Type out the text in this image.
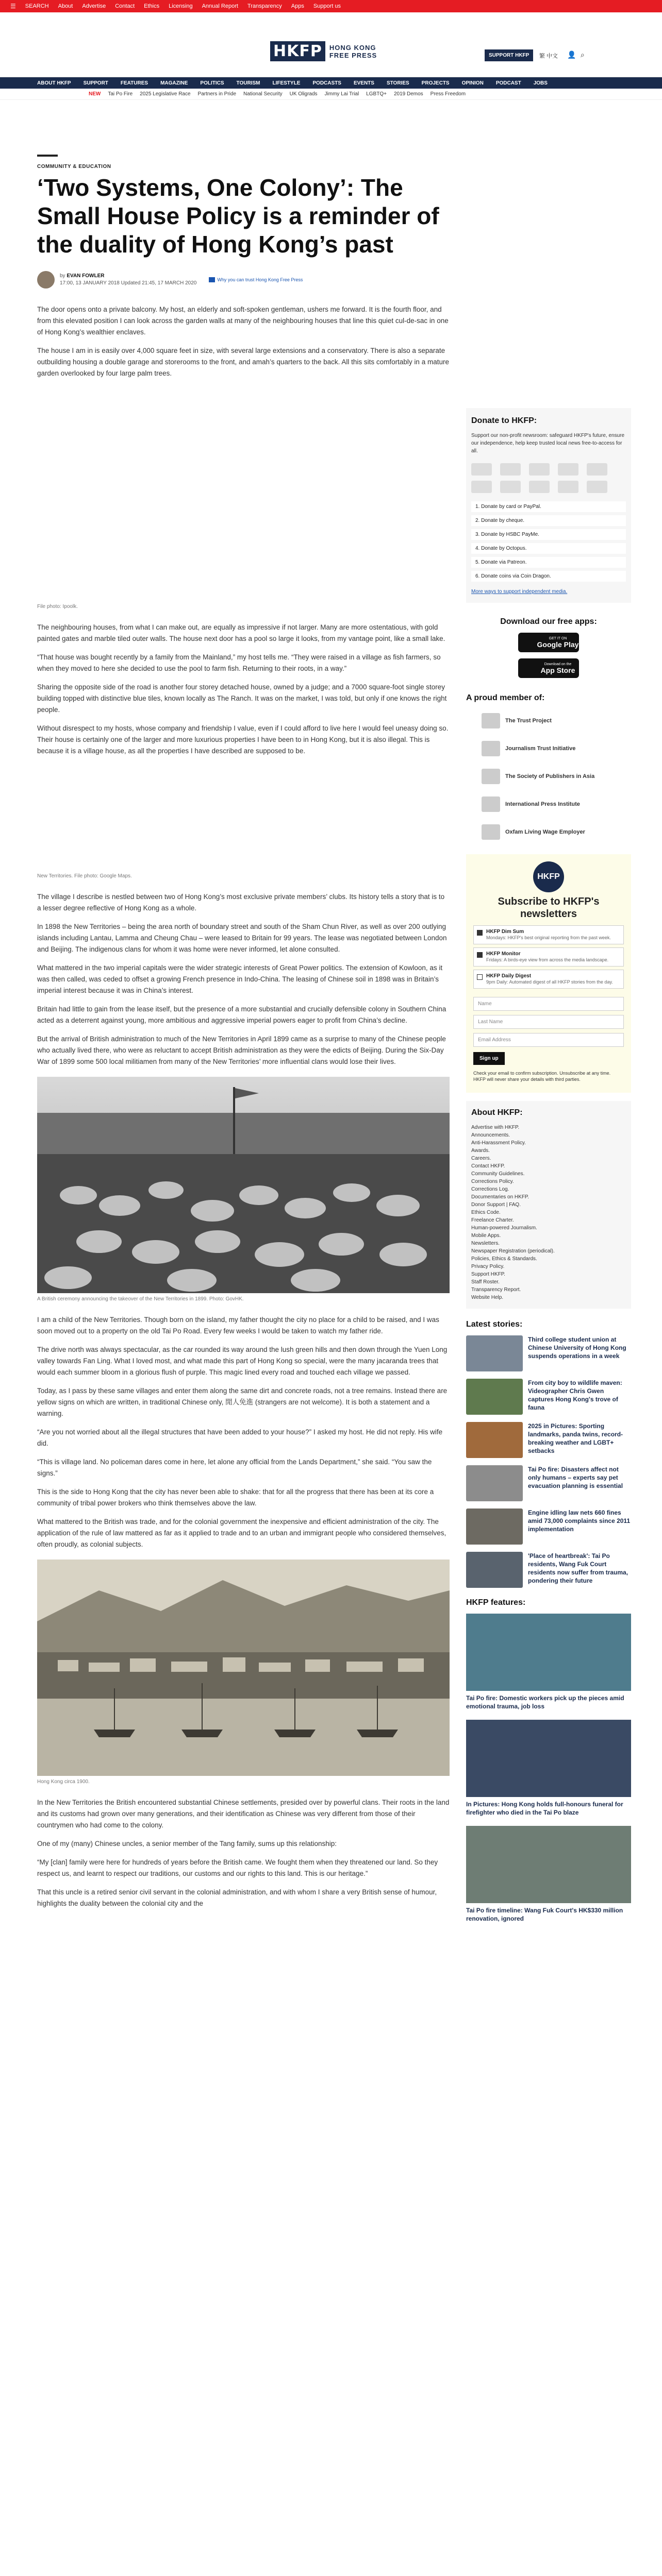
☰ SEARCH About Advertise Contact Ethics Licensing Annual Report Transparency Apps Support us
HKFP	HONG KONG
FREE PRESS	SUPPORT HKFP	繁 中文 👤 ⌕
ABOUT HKFP SUPPORT FEATURES MAGAZINE POLITICS TOURISM LIFESTYLE PODCASTS EVENTS STORIES PROJECTS OPINION PODCAST JOBS
NEW Tai Po Fire 2025 Legislative Race Partners in Pride National Security UK Oligrads Jimmy Lai Trial LGBTQ+ 2019 Demos Press Freedom
COMMUNITY & EDUCATION
‘Two Systems, One Colony’: The Small House Policy is a reminder of the duality of Hong Kong’s past
by EVAN FOWLER
17:00, 13 JANUARY 2018 Updated 21:45, 17 MARCH 2020
Why you can trust Hong Kong Free Press

The door opens onto a private balcony. My host, an elderly and soft-spoken gentleman, ushers me forward. It is the fourth floor, and from this elevated position I can look across the garden walls at many of the neighbouring houses that line this quiet cul-de-sac in one of Hong Kong’s wealthier enclaves.

The house I am in is easily over 4,000 square feet in size, with several large extensions and a conservatory. There is also a separate outbuilding housing a double garage and storerooms to the front, and amah’s quarters to the back. All this sits comfortably in a mature garden overlooked by four large palm trees.

File photo: Ipoolk.

The neighbouring houses, from what I can make out, are equally as impressive if not larger. Many are more ostentatious, with gold painted gates and marble tiled outer walls. The house next door has a pool so large it looks, from my vantage point, like a small lake.

“That house was bought recently by a family from the Mainland,” my host tells me. “They were raised in a village as fish farmers, so when they moved to here she decided to use the pool to farm fish. Returning to their roots, in a way.”

Sharing the opposite side of the road is another four storey detached house, owned by a judge; and a 7000 square-foot single storey building topped with distinctive blue tiles, known locally as The Ranch. It was on the market, I was told, but only if one knows the right people.

Without disrespect to my hosts, whose company and friendship I value, even if I could afford to live here I would feel uneasy doing so. Their house is certainly one of the larger and more luxurious properties I have been to in Hong Kong, but it is also illegal. This is because it is a village house, as all the properties I have described are supposed to be.

New Territories. File photo: Google Maps.

The village I describe is nestled between two of Hong Kong’s most exclusive private members’ clubs. Its history tells a story that is to a lesser degree reflective of Hong Kong as a whole.

In 1898 the New Territories – being the area north of boundary street and south of the Sham Chun River, as well as over 200 outlying islands including Lantau, Lamma and Cheung Chau – were leased to Britain for 99 years. The lease was negotiated between London and Beijing. The indigenous clans for whom it was home were never informed, let alone consulted.

What mattered in the two imperial capitals were the wider strategic interests of Great Power politics. The extension of Kowloon, as it was then called, was ceded to offset a growing French presence in Indo-China. The leasing of Chinese soil in 1898 was in Britain’s imperial interest because it was in China’s interest.

Britain had little to gain from the lease itself, but the presence of a more substantial and crucially defensible colony in Southern China acted as a deterrent against young, more ambitious and aggressive imperial powers eager to profit from China’s decline.

But the arrival of British administration to much of the New Territories in April 1899 came as a surprise to many of the Chinese people who actually lived there, who were as reluctant to accept British administration as they were the edicts of Beijing. During the Six-Day War of 1899 some 500 local militiamen from many of the New Territories’ more influential clans would lose their lives.

A British ceremony announcing the takeover of the New Territories in 1899. Photo: GovHK.

I am a child of the New Territories. Though born on the island, my father thought the city no place for a child to be raised, and I was soon moved out to a property on the old Tai Po Road. Every few weeks I would be taken to watch my father ride.

The drive north was always spectacular, as the car rounded its way around the lush green hills and then down through the Yuen Long valley towards Fan Ling. What I loved most, and what made this part of Hong Kong so special, were the many jacaranda trees that would each summer bloom in a glorious flush of purple. This magic lined every road and touched each village we passed.

Today, as I pass by these same villages and enter them along the same dirt and concrete roads, not a tree remains. Instead there are yellow signs on which are written, in traditional Chinese only, 閒人免進 (strangers are not welcome). It is both a statement and a warning.

“Are you not worried about all the illegal structures that have been added to your house?” I asked my host. He did not reply. His wife did.

“This is village land. No policeman dares come in here, let alone any official from the Lands Department,” she said. “You saw the signs.”

This is the side to Hong Kong that the city has never been able to shake: that for all the progress that there has been at its core a community of tribal power brokers who think themselves above the law.

What mattered to the British was trade, and for the colonial government the inexpensive and efficient administration of the city. The application of the rule of law mattered as far as it applied to trade and to an urban and immigrant people who considered themselves, often proudly, as colonial subjects.

Hong Kong circa 1900.

In the New Territories the British encountered substantial Chinese settlements, presided over by powerful clans. Their roots in the land and its customs had grown over many generations, and their identification as Chinese was very different from those of their countrymen who had come to the colony.

One of my (many) Chinese uncles, a senior member of the Tang family, sums up this relationship:

“My [clan] family were here for hundreds of years before the British came. We fought them when they threatened our land. So they respect us, and learnt to respect our traditions, our customs and our rights to this land. This is our heritage.”

That this uncle is a retired senior civil servant in the colonial administration, and with whom I share a very British sense of humour, highlights the duality between the colonial city and the

Donate to HKFP:
Support our non-profit newsroom: safeguard HKFP's future, ensure our independence, help keep trusted local news free-to-access for all.
1. Donate by card or PayPal.
2. Donate by cheque.
3. Donate by HSBC PayMe.
4. Donate by Octopus.
5. Donate via Patreon.
6. Donate coins via Coin Dragon.
More ways to support independent media.
Download our free apps:
GET IT ON
Google Play
Download on the
App Store
A proud member of:
The Trust Project
Journalism Trust Initiative
The Society of Publishers in Asia
International Press Institute
Oxfam Living Wage Employer
HKFP
Subscribe to HKFP's newsletters
HKFP Dim Sum
Mondays: HKFP's best original reporting from the past week.
HKFP Monitor
Fridays: A birds-eye view from across the media landscape.
HKFP Daily Digest
9pm Daily: Automated digest of all HKFP stories from the day.
Name
Last Name
Email Address
Sign up
Check your email to confirm subscription. Unsubscribe at any time. HKFP will never share your details with third parties.
About HKFP:
Advertise with HKFP.
Announcements.
Anti-Harassment Policy.
Awards.
Careers.
Contact HKFP.
Community Guidelines.
Corrections Policy.
Corrections Log.
Documentaries on HKFP.
Donor Support | FAQ.
Ethics Code.
Freelance Charter.
Human-powered Journalism.
Mobile Apps.
Newsletters.
Newspaper Registration (periodical).
Policies, Ethics & Standards.
Privacy Policy.
Support HKFP.
Staff Roster.
Transparency Report.
Website Help.
Latest stories:
Third college student union at Chinese University of Hong Kong suspends operations in a week
From city boy to wildlife maven: Videographer Chris Gwen captures Hong Kong's trove of fauna
2025 in Pictures: Sporting landmarks, panda twins, record-breaking weather and LGBT+ setbacks
Tai Po fire: Disasters affect not only humans – experts say pet evacuation planning is essential
Engine idling law nets 660 fines amid 73,000 complaints since 2011 implementation
'Place of heartbreak': Tai Po residents, Wang Fuk Court residents now suffer from trauma, pondering their future
HKFP features:
Tai Po fire: Domestic workers pick up the pieces amid emotional trauma, job loss
In Pictures: Hong Kong holds full-honours funeral for firefighter who died in the Tai Po blaze
Tai Po fire timeline: Wang Fuk Court's HK$330 million renovation, ignored
